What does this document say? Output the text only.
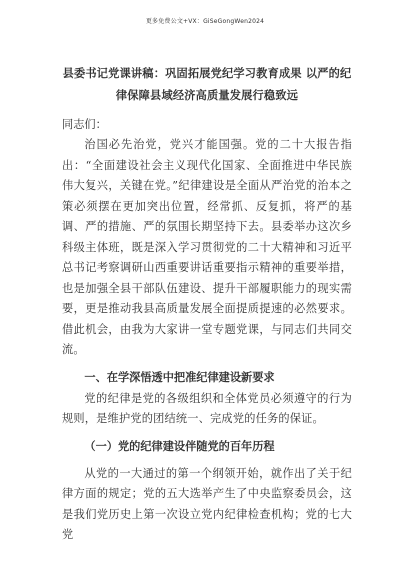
更多免费公文+VX：GiSeGongWen2024
县委书记党课讲稿：巩固拓展党纪学习教育成果 以严的纪律保障县域经济高质量发展行稳致远

同志们：

治国必先治党，党兴才能国强。党的二十大报告指出：“全面建设社会主义现代化国家、全面推进中华民族伟大复兴，关键在党。”纪律建设是全面从严治党的治本之策必须摆在更加突出位置，经常抓、反复抓，将严的基调、严的措施、严的氛围长期坚持下去。县委举办这次乡科级主体班，既是深入学习贯彻党的二十大精神和习近平总书记考察调研山西重要讲话重要指示精神的重要举措，也是加强全县干部队伍建设、提升干部履职能力的现实需要，更是推动我县高质量发展全面提质提速的必然要求。借此机会，由我为大家讲一堂专题党课，与同志们共同交流。

一、在学深悟透中把准纪律建设新要求

党的纪律是党的各级组织和全体党员必须遵守的行为规则，是维护党的团结统一、完成党的任务的保证。

（一）党的纪律建设伴随党的百年历程

从党的一大通过的第一个纲领开始，就作出了关于纪律方面的规定；党的五大选举产生了中央监察委员会，这是我们党历史上第一次设立党内纪律检查机构；党的七大党
